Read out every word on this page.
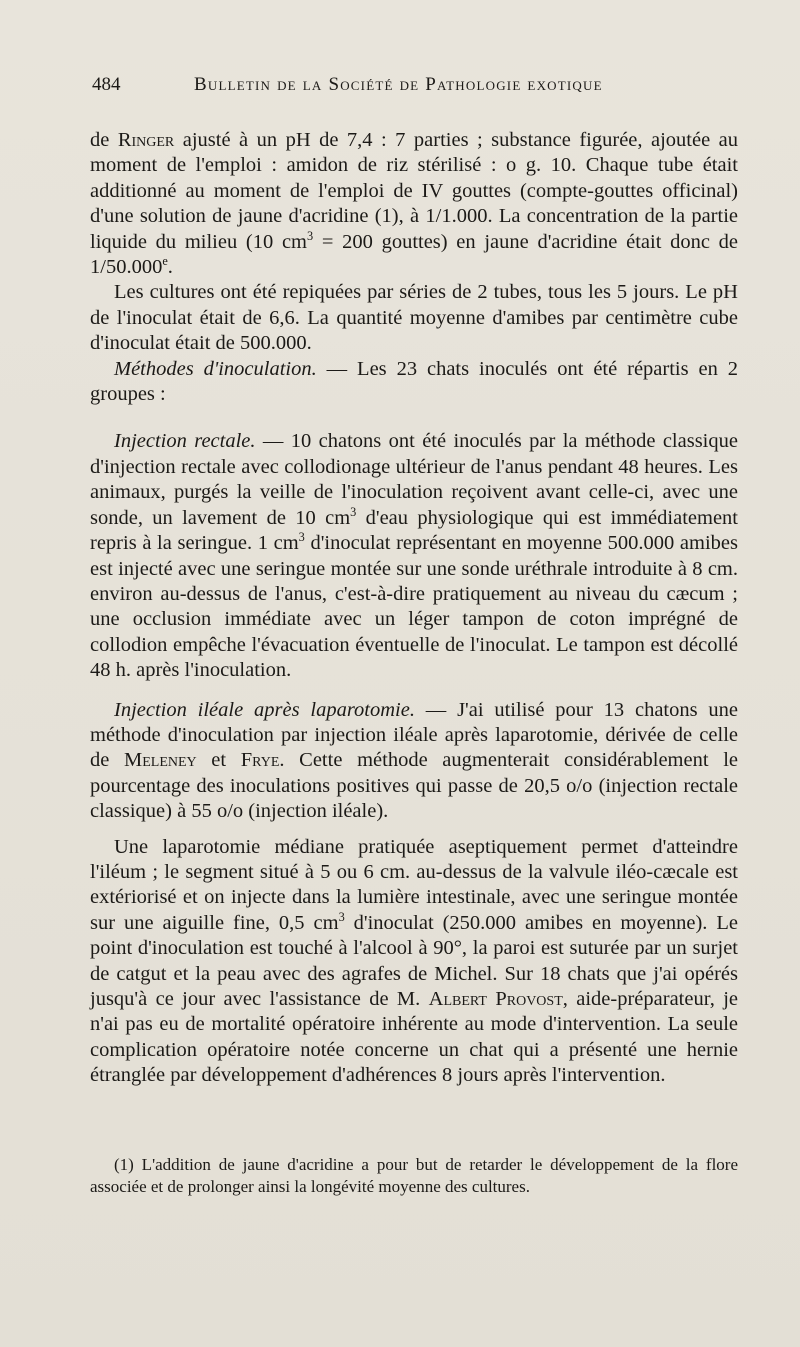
484	Bulletin de la Société de Pathologie exotique

de Ringer ajusté à un pH de 7,4 : 7 parties ; substance figurée, ajoutée au moment de l'emploi : amidon de riz stérilisé : o g. 10. Chaque tube était additionné au moment de l'emploi de IV gouttes (compte-gouttes officinal) d'une solution de jaune d'acridine (1), à 1/1.000. La concentration de la partie liquide du milieu (10 $cm^3 = 200$ gouttes) en jaune d'acridine était donc de 1/50.000e.

Les cultures ont été repiquées par séries de 2 tubes, tous les 5 jours. Le pH de l'inoculat était de 6,6. La quantité moyenne d'amibes par centimètre cube d'inoculat était de 500.000.

Méthodes d'inoculation. — Les 23 chats inoculés ont été répartis en 2 groupes :

Injection rectale. — 10 chatons ont été inoculés par la méthode classique d'injection rectale avec collodionage ultérieur de l'anus pendant 48 heures. Les animaux, purgés la veille de l'inoculation reçoivent avant celle-ci, avec une sonde, un lavement de 10 $cm^3$ d'eau physiologique qui est immédiatement repris à la seringue. 1 $cm^3$ d'inoculat représentant en moyenne 500.000 amibes est injecté avec une seringue montée sur une sonde uréthrale introduite à 8 cm. environ au-dessus de l'anus, c'est-à-dire pratiquement au niveau du cæcum ; une occlusion immédiate avec un léger tampon de coton imprégné de collodion empêche l'évacuation éventuelle de l'inoculat. Le tampon est décollé 48 h. après l'inoculation.

Injection iléale après laparotomie. — J'ai utilisé pour 13 chatons une méthode d'inoculation par injection iléale après laparotomie, dérivée de celle de Meleney et Frye. Cette méthode augmenterait considérablement le pourcentage des inoculations positives qui passe de 20,5 o/o (injection rectale classique) à 55 o/o (injection iléale).

Une laparotomie médiane pratiquée aseptiquement permet d'atteindre l'iléum ; le segment situé à 5 ou 6 cm. au-dessus de la valvule iléo-cæcale est extériorisé et on injecte dans la lumière intestinale, avec une seringue montée sur une aiguille fine, 0,5 $cm^3$ d'inoculat (250.000 amibes en moyenne). Le point d'inoculation est touché à l'alcool à 90°, la paroi est suturée par un surjet de catgut et la peau avec des agrafes de Michel. Sur 18 chats que j'ai opérés jusqu'à ce jour avec l'assistance de M. Albert Provost, aide-préparateur, je n'ai pas eu de mortalité opératoire inhérente au mode d'intervention. La seule complication opératoire notée concerne un chat qui a présenté une hernie étranglée par développement d'adhérences 8 jours après l'intervention.

(1) L'addition de jaune d'acridine a pour but de retarder le développement de la flore associée et de prolonger ainsi la longévité moyenne des cultures.
